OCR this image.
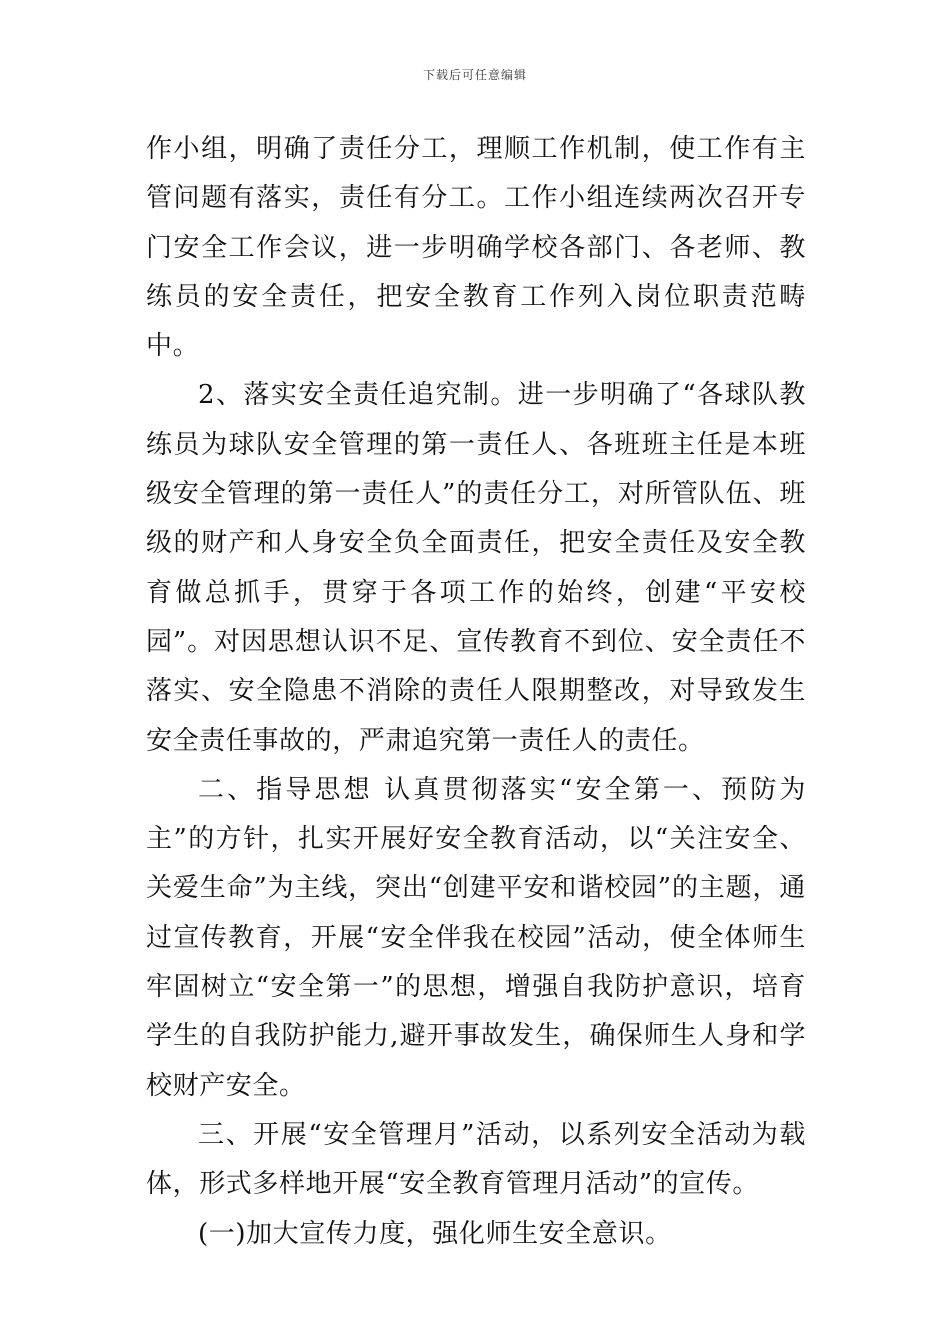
下载后可任意编辑

作小组，明确了责任分工，理顺工作机制，使工作有主管问题有落实，责任有分工。工作小组连续两次召开专门安全工作会议，进一步明确学校各部门、各老师、教练员的安全责任，把安全教育工作列入岗位职责范畴中。

2、落实安全责任追究制。进一步明确了“各球队教练员为球队安全管理的第一责任人、各班班主任是本班级安全管理的第一责任人”的责任分工，对所管队伍、班级的财产和人身安全负全面责任，把安全责任及安全教育做总抓手，贯穿于各项工作的始终，创建“平安校园”。对因思想认识不足、宣传教育不到位、安全责任不落实、安全隐患不消除的责任人限期整改，对导致发生安全责任事故的，严肃追究第一责任人的责任。

二、指导思想 认真贯彻落实“安全第一、预防为主”的方针，扎实开展好安全教育活动，以“关注安全、关爱生命”为主线，突出“创建平安和谐校园”的主题，通过宣传教育，开展“安全伴我在校园”活动，使全体师生牢固树立“安全第一”的思想，增强自我防护意识，培育学生的自我防护能力,避开事故发生，确保师生人身和学校财产安全。

三、开展“安全管理月”活动，以系列安全活动为载体，形式多样地开展“安全教育管理月活动”的宣传。

(一)加大宣传力度，强化师生安全意识。
